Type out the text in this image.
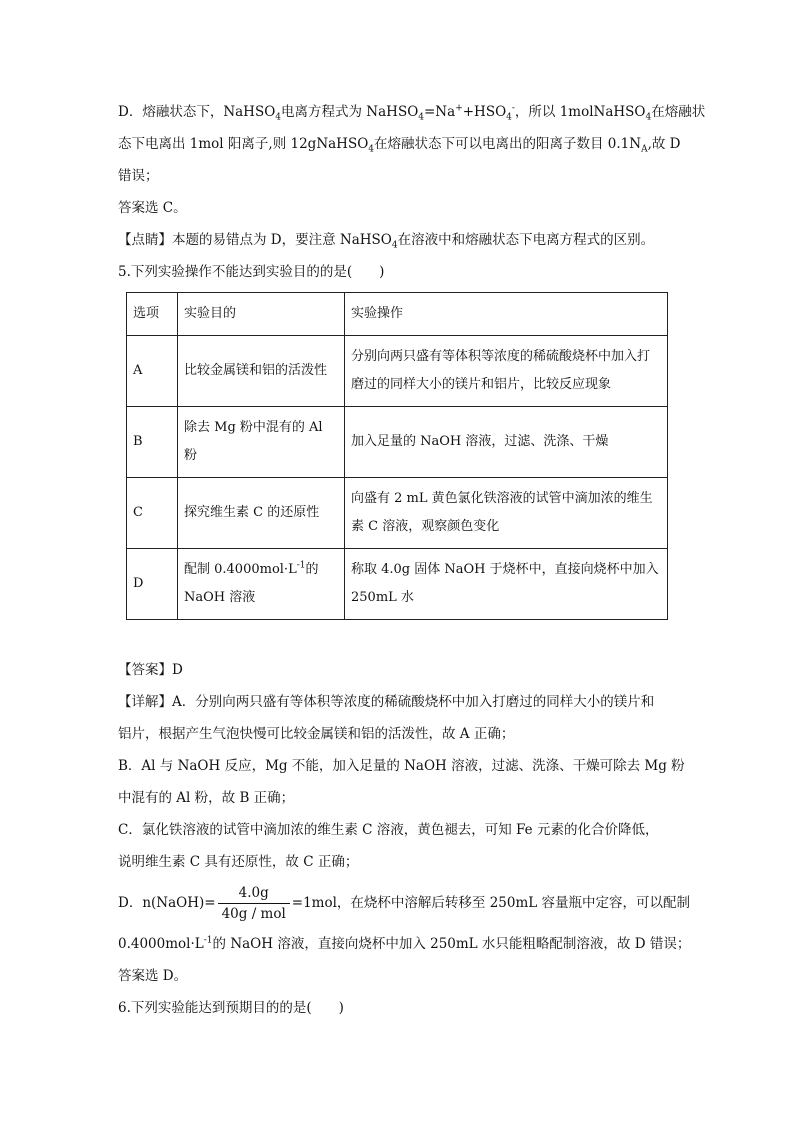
D．熔融状态下，NaHSO$_4$电离方程式为 $NaHSO_4=Na^++HSO_4^-$，所以 1molNaHSO$_4$在熔融状

态下电离出 1mol 阳离子,则 12gNaHSO$_4$在熔融状态下可以电离出的阳离子数目 $0.1N_A$,故 D

错误；

答案选 C。

【点睛】本题的易错点为 D，要注意 NaHSO$_4$在溶液中和熔融状态下电离方程式的区别。

5.下列实验操作不能达到实验目的的是(　　)

选项	实验目的	实验操作
A	比较金属镁和铝的活泼性	分别向两只盛有等体积等浓度的稀硫酸烧杯中加入打磨过的同样大小的镁片和铝片，比较反应现象
B	除去 Mg 粉中混有的 Al 粉	加入足量的 NaOH 溶液，过滤、洗涤、干燥
C	探究维生素 C 的还原性	向盛有 2 mL 黄色氯化铁溶液的试管中滴加浓的维生素 C 溶液，观察颜色变化
D	配制 $0.4000mol\cdot L^{-1}$的 NaOH 溶液	称取 4.0g 固体 NaOH 于烧杯中，直接向烧杯中加入 250mL 水

【答案】D

【详解】A．分别向两只盛有等体积等浓度的稀硫酸烧杯中加入打磨过的同样大小的镁片和

铝片，根据产生气泡快慢可比较金属镁和铝的活泼性，故 A 正确；

B．Al 与 NaOH 反应，Mg 不能，加入足量的 NaOH 溶液，过滤、洗涤、干燥可除去 Mg 粉

中混有的 Al 粉，故 B 正确；

C．氯化铁溶液的试管中滴加浓的维生素 C 溶液，黄色褪去，可知 Fe 元素的化合价降低，

说明维生素 C 具有还原性，故 C 正确；

D．n(NaOH)= $\frac{4.0g}{\text{40g / mol}} =1mol$，在烧杯中溶解后转移至 250mL 容量瓶中定容，可以配制

$0.4000mol\cdot L^{-1}$的 NaOH 溶液，直接向烧杯中加入 250mL 水只能粗略配制溶液，故 D 错误；

答案选 D。

6.下列实验能达到预期目的的是(　　)
